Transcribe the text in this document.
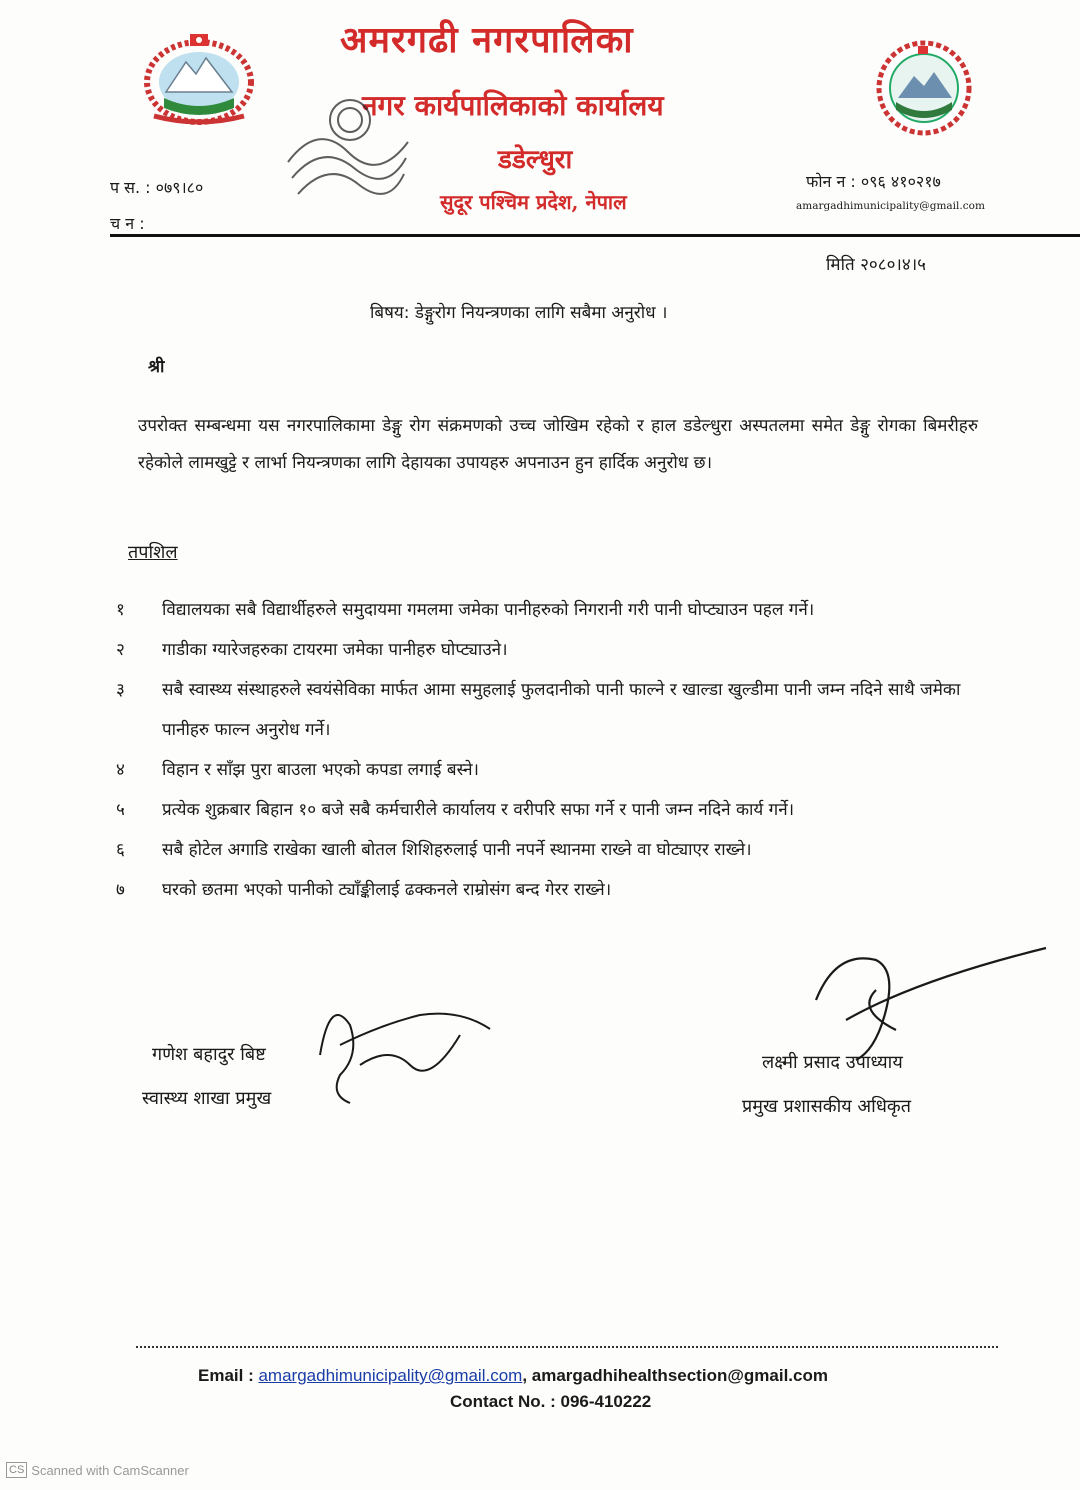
अमरगढी नगरपालिका
नगर कार्यपालिकाको कार्यालय
डडेल्धुरा
सुदूर पश्चिम प्रदेश, नेपाल
प स. : ०७९।८०
च न :
फोन न : ०९६ ४१०२१७
amargadhimunicipality@gmail.com
मिति २०८०।४।५
बिषय: डेङ्गुरोग नियन्त्रणका लागि सबैमा अनुरोध ।
श्री
उपरोक्त सम्बन्धमा यस नगरपालिकामा डेङ्गु रोग संक्रमणको उच्च जोखिम रहेको र हाल डडेल्धुरा अस्पतलमा समेत डेङ्गु रोगका बिमरीहरु रहेकोले लामखुट्टे र लार्भा नियन्त्रणका लागि देहायका उपायहरु अपनाउन हुन हार्दिक अनुरोध छ।
तपशिल
१	विद्यालयका सबै विद्यार्थीहरुले समुदायमा गमलमा जमेका पानीहरुको निगरानी गरी पानी घोप्ट्याउन पहल गर्ने।
२	गाडीका ग्यारेजहरुका टायरमा जमेका पानीहरु घोप्ट्याउने।
३	सबै स्वास्थ्य संस्थाहरुले स्वयंसेविका मार्फत आमा समुहलाई फुलदानीको पानी फाल्ने र खाल्डा खुल्डीमा पानी जम्न नदिने साथै जमेका पानीहरु फाल्न अनुरोध गर्ने।
४	विहान र साँझ पुरा बाउला भएको कपडा लगाई बस्ने।
५	प्रत्येक शुक्रबार बिहान १० बजे सबै कर्मचारीले कार्यालय र वरीपरि सफा गर्ने र पानी जम्न नदिने कार्य गर्ने।
६	सबै होटेल अगाडि राखेका खाली बोतल शिशिहरुलाई पानी नपर्ने स्थानमा राख्ने वा घोट्याएर राख्ने।
७	घरको छतमा भएको पानीको ट्याँङ्कीलाई ढक्कनले राम्रोसंग बन्द गेरर राख्ने।
गणेश बहादुर बिष्ट
स्वास्थ्य शाखा प्रमुख
लक्ष्मी प्रसाद उपाध्याय
प्रमुख प्रशासकीय अधिकृत
Email : amargadhimunicipality@gmail.com, amargadhihealthsection@gmail.com
Contact No. : 096-410222
CS Scanned with CamScanner
